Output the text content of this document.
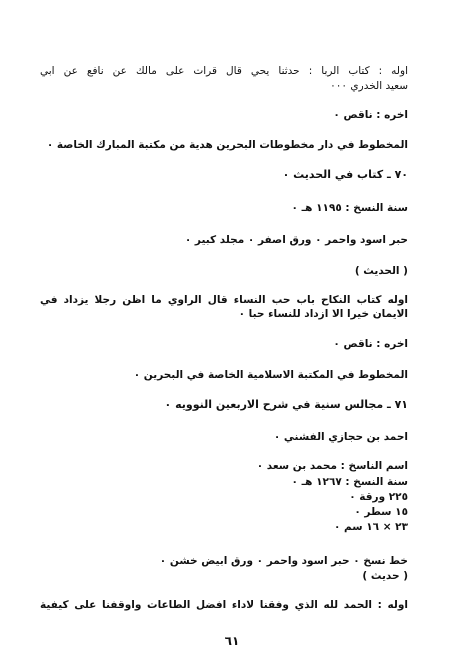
اوله : كتاب الربا : حدثنا يحي قال قرات على مالك عن نافع عن ابي
سعيد الخدري ٠٠٠
اخره : ناقص ٠
المخطوط في دار مخطوطات البحرين هدية من مكتبة المبارك الخاصة ٠
٧٠ ـ كتاب في الحديث ٠
سنة النسخ : ١١٩٥ هـ ٠
حبر اسود واحمر ٠ ورق اصفر ٠ مجلد كبير ٠
( الحديث )
اوله كتاب النكاح باب حب النساء قال الراوي ما اظن رجلا يزداد في
الايمان خيرا الا ازداد للنساء حبا ٠
اخره : ناقص ٠
المخطوط في المكتبة الاسلامية الخاصة في البحرين ٠
٧١ ـ مجالس سنية في شرح الاربعين النوويه ٠
احمد بن حجازي الفشني ٠
اسم الناسخ : محمد بن سعد ٠
سنة النسخ : ١٢٦٧ هـ ٠
٢٢٥ ورقة ٠
١٥ سطر ٠
٢٣ × ١٦ سم ٠
خط نسخ ٠ حبر اسود واحمر ٠ ورق ابيض خشن ٠
( حديث )
اوله : الحمد لله الذي وفقنا لاداء افضل الطاعات واوقفنا على كيفية
٦١
